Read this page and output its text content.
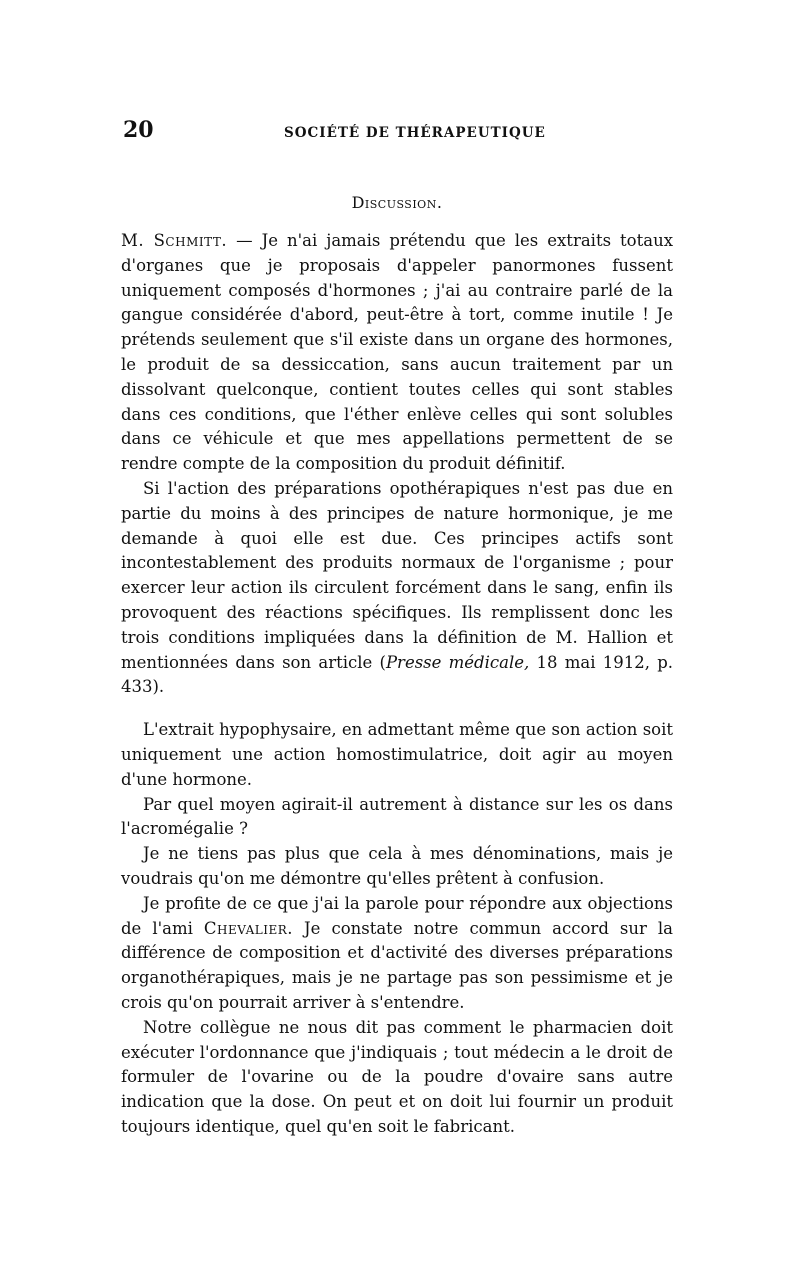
20	SOCIÉTÉ DE THÉRAPEUTIQUE
Discussion.

M. Schmitt. — Je n'ai jamais prétendu que les extraits totaux d'organes que je proposais d'appeler panormones fussent uniquement composés d'hormones ; j'ai au contraire parlé de la gangue considérée d'abord, peut-être à tort, comme inutile ! Je prétends seulement que s'il existe dans un organe des hormones, le produit de sa dessiccation, sans aucun traitement par un dissolvant quelconque, contient toutes celles qui sont stables dans ces conditions, que l'éther enlève celles qui sont solubles dans ce véhicule et que mes appellations permettent de se rendre compte de la composition du produit définitif.

Si l'action des préparations opothérapiques n'est pas due en partie du moins à des principes de nature hormonique, je me demande à quoi elle est due. Ces principes actifs sont incontestablement des produits normaux de l'organisme ; pour exercer leur action ils circulent forcément dans le sang, enfin ils provoquent des réactions spécifiques. Ils remplissent donc les trois conditions impliquées dans la définition de M. Hallion et mentionnées dans son article (Presse médicale, 18 mai 1912, p. 433).

L'extrait hypophysaire, en admettant même que son action soit uniquement une action homostimulatrice, doit agir au moyen d'une hormone.

Par quel moyen agirait-il autrement à distance sur les os dans l'acromégalie ?

Je ne tiens pas plus que cela à mes dénominations, mais je voudrais qu'on me démontre qu'elles prêtent à confusion.

Je profite de ce que j'ai la parole pour répondre aux objections de l'ami Chevalier. Je constate notre commun accord sur la différence de composition et d'activité des diverses préparations organothérapiques, mais je ne partage pas son pessimisme et je crois qu'on pourrait arriver à s'entendre.

Notre collègue ne nous dit pas comment le pharmacien doit exécuter l'ordonnance que j'indiquais ; tout médecin a le droit de formuler de l'ovarine ou de la poudre d'ovaire sans autre indication que la dose. On peut et on doit lui fournir un produit toujours identique, quel qu'en soit le fabricant.
